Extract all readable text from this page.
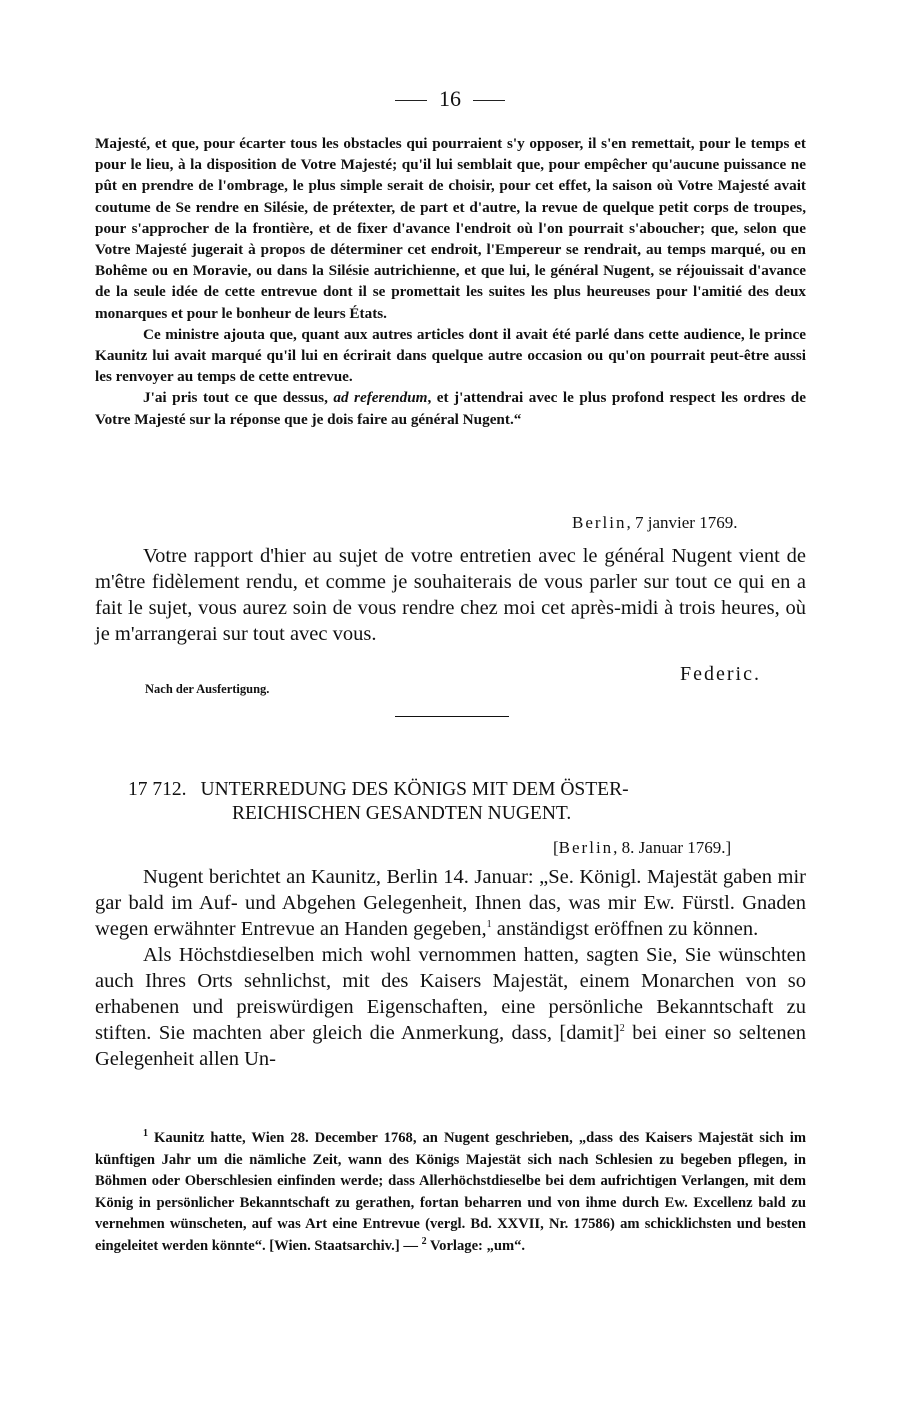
16

Majesté, et que, pour écarter tous les obstacles qui pourraient s'y opposer, il s'en remettait, pour le temps et pour le lieu, à la disposition de Votre Majesté; qu'il lui semblait que, pour empêcher qu'aucune puissance ne pût en prendre de l'ombrage, le plus simple serait de choisir, pour cet effet, la saison où Votre Majesté avait coutume de Se rendre en Silésie, de prétexter, de part et d'autre, la revue de quelque petit corps de troupes, pour s'approcher de la frontière, et de fixer d'avance l'endroit où l'on pourrait s'aboucher; que, selon que Votre Majesté jugerait à propos de déterminer cet endroit, l'Empereur se rendrait, au temps marqué, ou en Bohême ou en Moravie, ou dans la Silésie autrichienne, et que lui, le général Nugent, se réjouissait d'avance de la seule idée de cette entrevue dont il se promettait les suites les plus heureuses pour l'amitié des deux monarques et pour le bonheur de leurs États.

Ce ministre ajouta que, quant aux autres articles dont il avait été parlé dans cette audience, le prince Kaunitz lui avait marqué qu'il lui en écrirait dans quelque autre occasion ou qu'on pourrait peut-être aussi les renvoyer au temps de cette entrevue.

J'ai pris tout ce que dessus, ad referendum, et j'attendrai avec le plus profond respect les ordres de Votre Majesté sur la réponse que je dois faire au général Nugent.“

Berlin, 7 janvier 1769.

Votre rapport d'hier au sujet de votre entretien avec le général Nugent vient de m'être fidèlement rendu, et comme je souhaiterais de vous parler sur tout ce qui en a fait le sujet, vous aurez soin de vous rendre chez moi cet après-midi à trois heures, où je m'arrangerai sur tout avec vous.

Federic.
Nach der Ausfertigung.
17 712. UNTERREDUNG DES KÖNIGS MIT DEM ÖSTER-
REICHISCHEN GESANDTEN NUGENT.
[Berlin, 8. Januar 1769.]

Nugent berichtet an Kaunitz, Berlin 14. Januar: „Se. Königl. Majestät gaben mir gar bald im Auf- und Abgehen Gelegenheit, Ihnen das, was mir Ew. Fürstl. Gnaden wegen erwähnter Entrevue an Handen gegeben,$^1$ anständigst eröffnen zu können.

Als Höchstdieselben mich wohl vernommen hatten, sagten Sie, Sie wünschten auch Ihres Orts sehnlichst, mit des Kaisers Majestät, einem Monarchen von so erhabenen und preiswürdigen Eigenschaften, eine persönliche Bekanntschaft zu stiften. Sie machten aber gleich die Anmerkung, dass, [damit]$^2$ bei einer so seltenen Gelegenheit allen Un-

$^1$ Kaunitz hatte, Wien 28. December 1768, an Nugent geschrieben, „dass des Kaisers Majestät sich im künftigen Jahr um die nämliche Zeit, wann des Königs Majestät sich nach Schlesien zu begeben pflegen, in Böhmen oder Oberschlesien einfinden werde; dass Allerhöchstdieselbe bei dem aufrichtigen Verlangen, mit dem König in persönlicher Bekanntschaft zu gerathen, fortan beharren und von ihme durch Ew. Excellenz bald zu vernehmen wünscheten, auf was Art eine Entrevue (vergl. Bd. XXVII, Nr. 17586) am schicklichsten und besten eingeleitet werden könnte“. [Wien. Staatsarchiv.] — $^2$ Vorlage: „um“.
